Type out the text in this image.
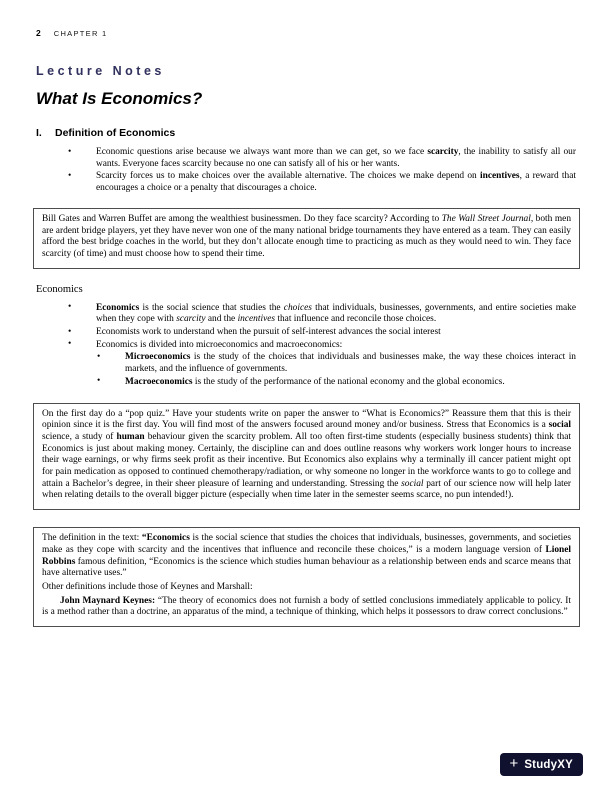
2 CHAPTER 1
Lecture Notes
What Is Economics?
I. Definition of Economics
•	Economic questions arise because we always want more than we can get, so we face scarcity, the inability to satisfy all our wants. Everyone faces scarcity because no one can satisfy all of his or her wants.
•	Scarcity forces us to make choices over the available alternative. The choices we make depend on incentives, a reward that encourages a choice or a penalty that discourages a choice.

Bill Gates and Warren Buffet are among the wealthiest businessmen. Do they face scarcity? According to The Wall Street Journal, both men are ardent bridge players, yet they have never won one of the many national bridge tournaments they have entered as a team. They can easily afford the best bridge coaches in the world, but they don’t allocate enough time to practicing as much as they would need to win. They face scarcity (of time) and must choose how to spend their time.

Economics
•	Economics is the social science that studies the choices that individuals, businesses, governments, and entire societies make when they cope with scarcity and the incentives that influence and reconcile those choices.
•	Economists work to understand when the pursuit of self-interest advances the social interest
•	Economics is divided into microeconomics and macroeconomics:
•	Microeconomics is the study of the choices that individuals and businesses make, the way these choices interact in markets, and the influence of governments.
•	Macroeconomics is the study of the performance of the national economy and the global economics.

On the first day do a “pop quiz.” Have your students write on paper the answer to “What is Economics?” Reassure them that this is their opinion since it is the first day. You will find most of the answers focused around money and/or business. Stress that Economics is a social science, a study of human behaviour given the scarcity problem. All too often first-time students (especially business students) think that Economics is just about making money. Certainly, the discipline can and does outline reasons why workers work longer hours to increase their wage earnings, or why firms seek profit as their incentive. But Economics also explains why a terminally ill cancer patient might opt for pain medication as opposed to continued chemotherapy/radiation, or why someone no longer in the workforce wants to go to college and attain a Bachelor’s degree, in their sheer pleasure of learning and understanding. Stressing the social part of our science now will help later when relating details to the overall bigger picture (especially when time later in the semester seems scarce, no pun intended!).

The definition in the text: “Economics is the social science that studies the choices that individuals, businesses, governments, and societies make as they cope with scarcity and the incentives that influence and reconcile these choices,” is a modern language version of Lionel Robbins famous definition, “Economics is the science which studies human behaviour as a relationship between ends and scarce means that have alternative uses.”

Other definitions include those of Keynes and Marshall:

John Maynard Keynes: “The theory of economics does not furnish a body of settled conclusions immediately applicable to policy. It is a method rather than a doctrine, an apparatus of the mind, a technique of thinking, which helps it possessors to draw correct conclusions.”

+ StudyXY
